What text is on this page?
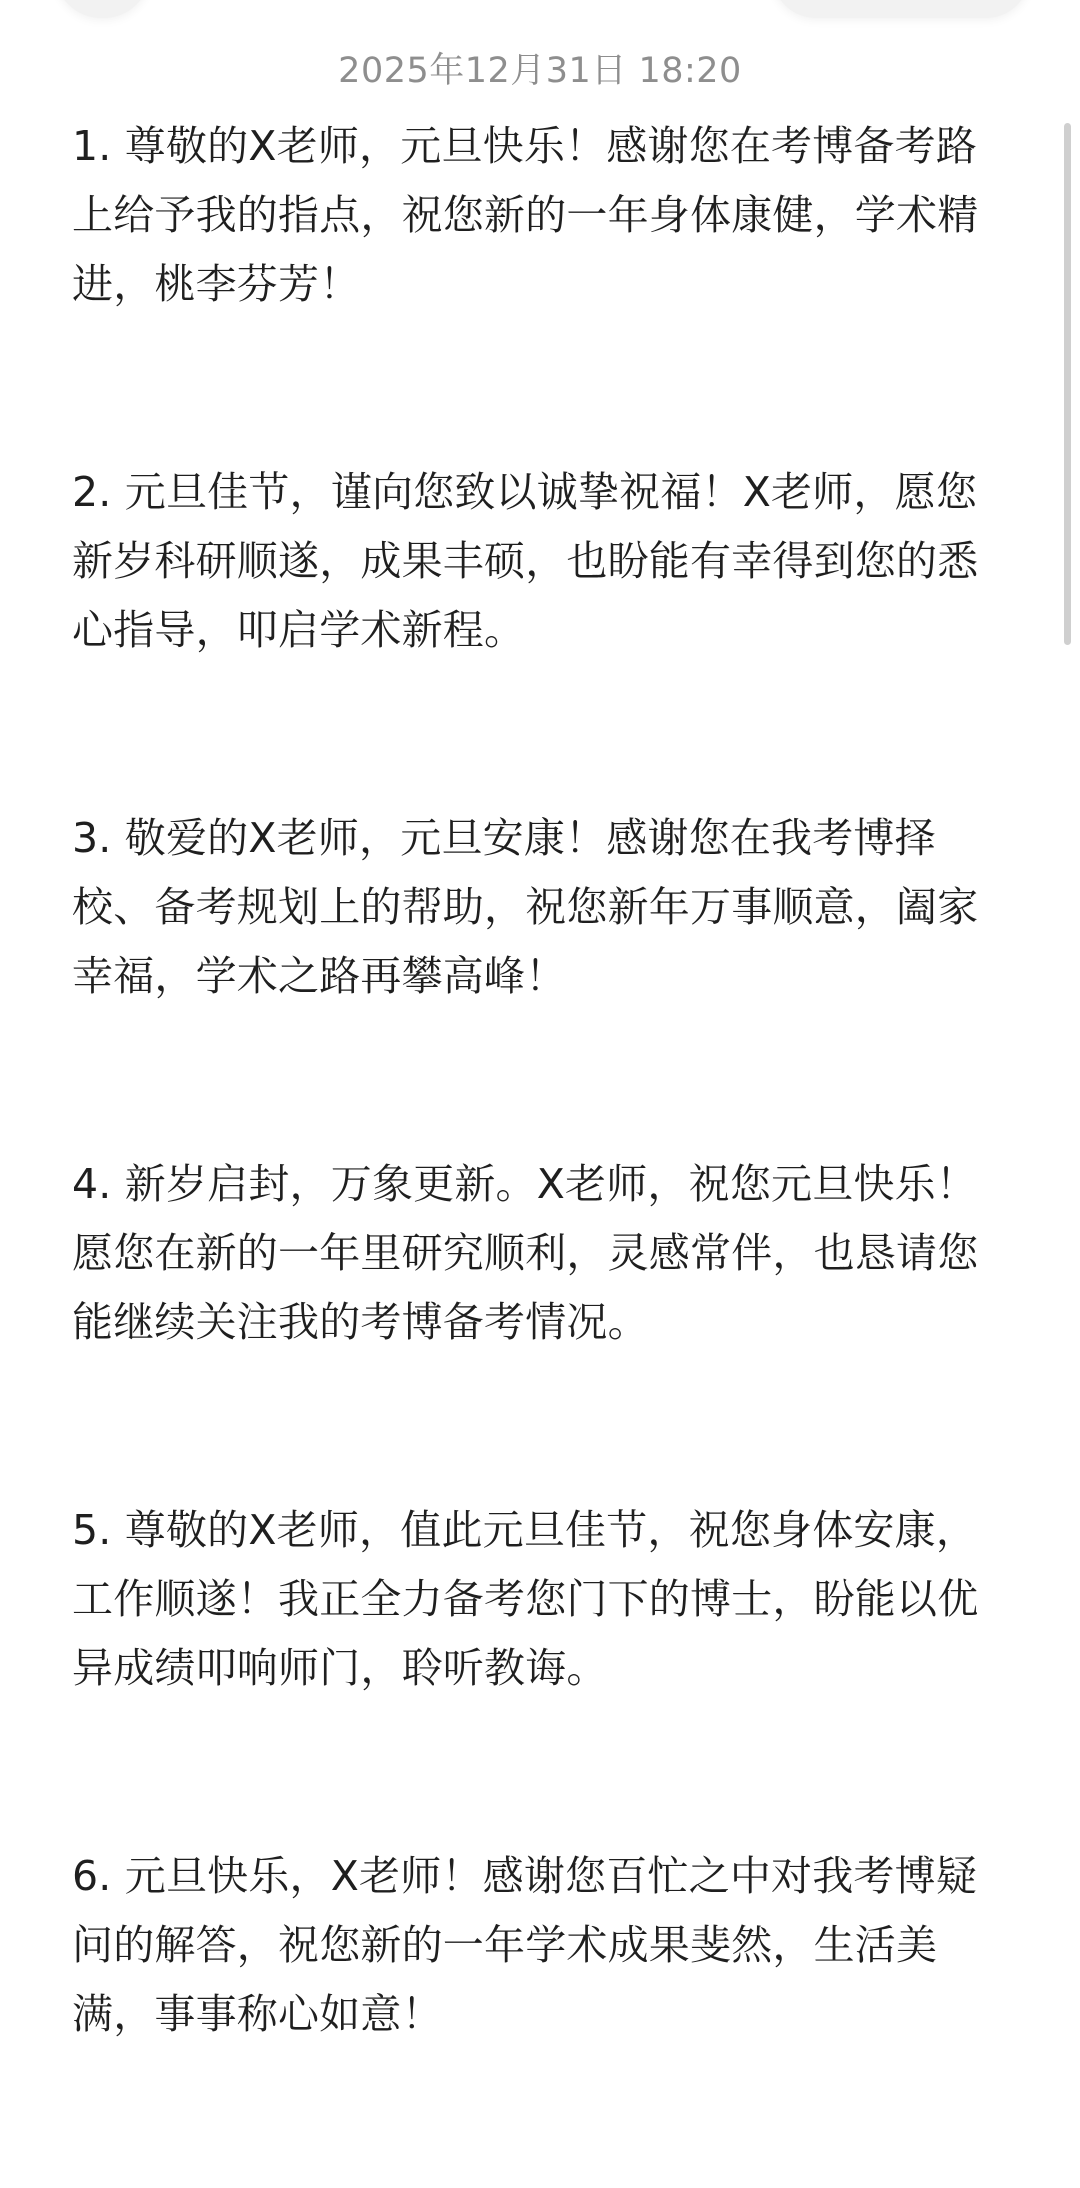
2025年12月31日 18:20
1. 尊敬的X老师，元旦快乐！感谢您在考博备考路上给予我的指点，祝您新的一年身体康健，学术精进，桃李芬芳！
2. 元旦佳节，谨向您致以诚挚祝福！X老师，愿您新岁科研顺遂，成果丰硕，也盼能有幸得到您的悉心指导，叩启学术新程。
3. 敬爱的X老师，元旦安康！感谢您在我考博择校、备考规划上的帮助，祝您新年万事顺意，阖家幸福，学术之路再攀高峰！
4. 新岁启封，万象更新。X老师，祝您元旦快乐！愿您在新的一年里研究顺利，灵感常伴，也恳请您能继续关注我的考博备考情况。
5. 尊敬的X老师，值此元旦佳节，祝您身体安康，工作顺遂！我正全力备考您门下的博士，盼能以优异成绩叩响师门，聆听教诲。
6. 元旦快乐，X老师！感谢您百忙之中对我考博疑问的解答，祝您新的一年学术成果斐然，生活美满，事事称心如意！
